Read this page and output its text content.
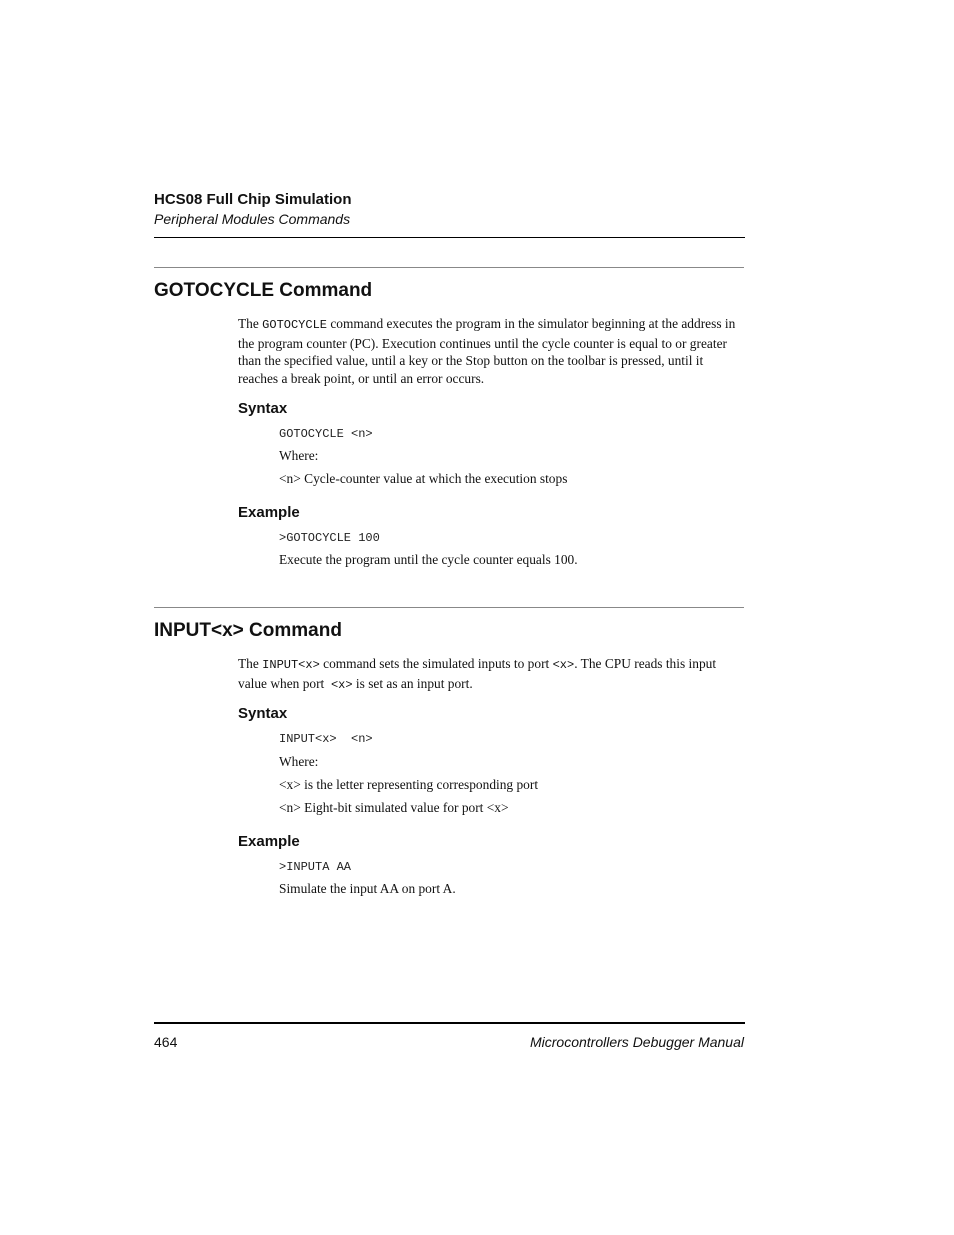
HCS08 Full Chip Simulation
Peripheral Modules Commands
GOTOCYCLE Command
The GOTOCYCLE command executes the program in the simulator beginning at the address in the program counter (PC). Execution continues until the cycle counter is equal to or greater than the specified value, until a key or the Stop button on the toolbar is pressed, until it reaches a break point, or until an error occurs.
Syntax
GOTOCYCLE <n>
Where:
<n> Cycle-counter value at which the execution stops
Example
>GOTOCYCLE 100
Execute the program until the cycle counter equals 100.
INPUT<x> Command
The INPUT<x> command sets the simulated inputs to port <x>. The CPU reads this input value when port  <x> is set as an input port.
Syntax
INPUT<x>  <n>
Where:
<x> is the letter representing corresponding port
<n> Eight-bit simulated value for port <x>
Example
>INPUTA AA
Simulate the input AA on port A.
464	Microcontrollers Debugger Manual
